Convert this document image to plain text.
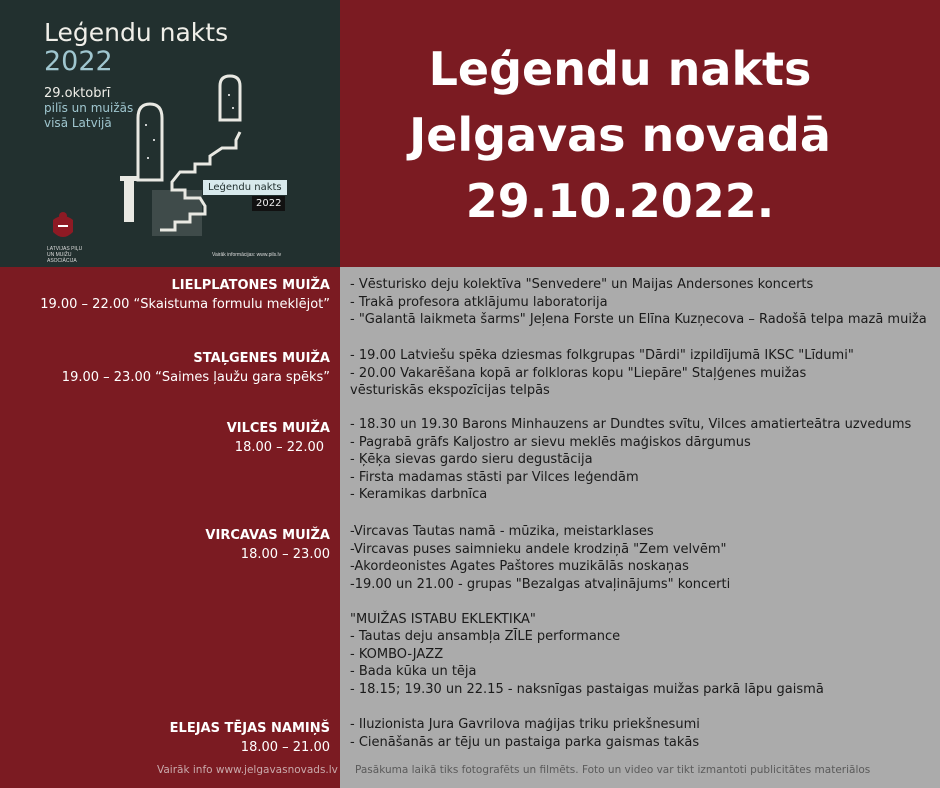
Leģendu nakts
2022
29.oktobrī
pilīs un muižās visā Latvijā
Leģendu nakts
2022
LATVIJAS PIĻU UN MUIŽU ASOCIĀCIJA
Vairāk informācijas: www.pils.lv
Leģendu nakts
Jelgavas novadā
29.10.2022.
LIELPLATONES MUIŽA
19.00 – 22.00 “Skaistuma formulu meklējot”
- Vēsturisko deju kolektīva "Senvedere" un Maijas Andersones koncerts
- Trakā profesora atklājumu laboratorija
- "Galantā laikmeta šarms" Jeļena Forste un Elīna Kuzņecova – Radošā telpa mazā muiža
STAĻGENES MUIŽA
19.00 – 23.00 “Saimes ļaužu gara spēks”
- 19.00 Latviešu spēka dziesmas folkgrupas "Dārdi" izpildījumā IKSC "Līdumi"
- 20.00 Vakarēšana kopā ar folkloras kopu "Liepāre" Staļģenes muižas vēsturiskās ekspozīcijas telpās
VILCES MUIŽA
18.00 – 22.00
- 18.30 un 19.30 Barons Minhauzens ar Dundtes svītu, Vilces amatierteātra uzvedums
- Pagrabā grāfs Kaljostro ar sievu meklēs maģiskos dārgumus
- Ķēķa sievas gardo sieru degustācija
- Firsta madamas stāsti par Vilces leģendām
- Keramikas darbnīca
VIRCAVAS MUIŽA
18.00 – 23.00
-Vircavas Tautas namā - mūzika, meistarklases
-Vircavas puses saimnieku andele krodziņā "Zem velvēm"
-Akordeonistes Agates Paštores muzikālās noskaņas
-19.00 un 21.00 - grupas "Bezalgas atvaļinājums" koncerti
"MUIŽAS ISTABU EKLEKTIKA"
- Tautas deju ansambļa ZĪLE performance
- KOMBO-JAZZ
- Bada kūka un tēja
- 18.15; 19.30 un 22.15 - naksnīgas pastaigas muižas parkā lāpu gaismā
ELEJAS TĒJAS NAMIŅŠ
18.00 – 21.00
- Iluzionista Jura Gavrilova maģijas triku priekšnesumi
- Cienāšanās ar tēju un pastaiga parka gaismas takās
Vairāk info www.jelgavasnovads.lv Pasākuma laikā tiks fotografēts un filmēts. Foto un video var tikt izmantoti publicitātes materiālos
